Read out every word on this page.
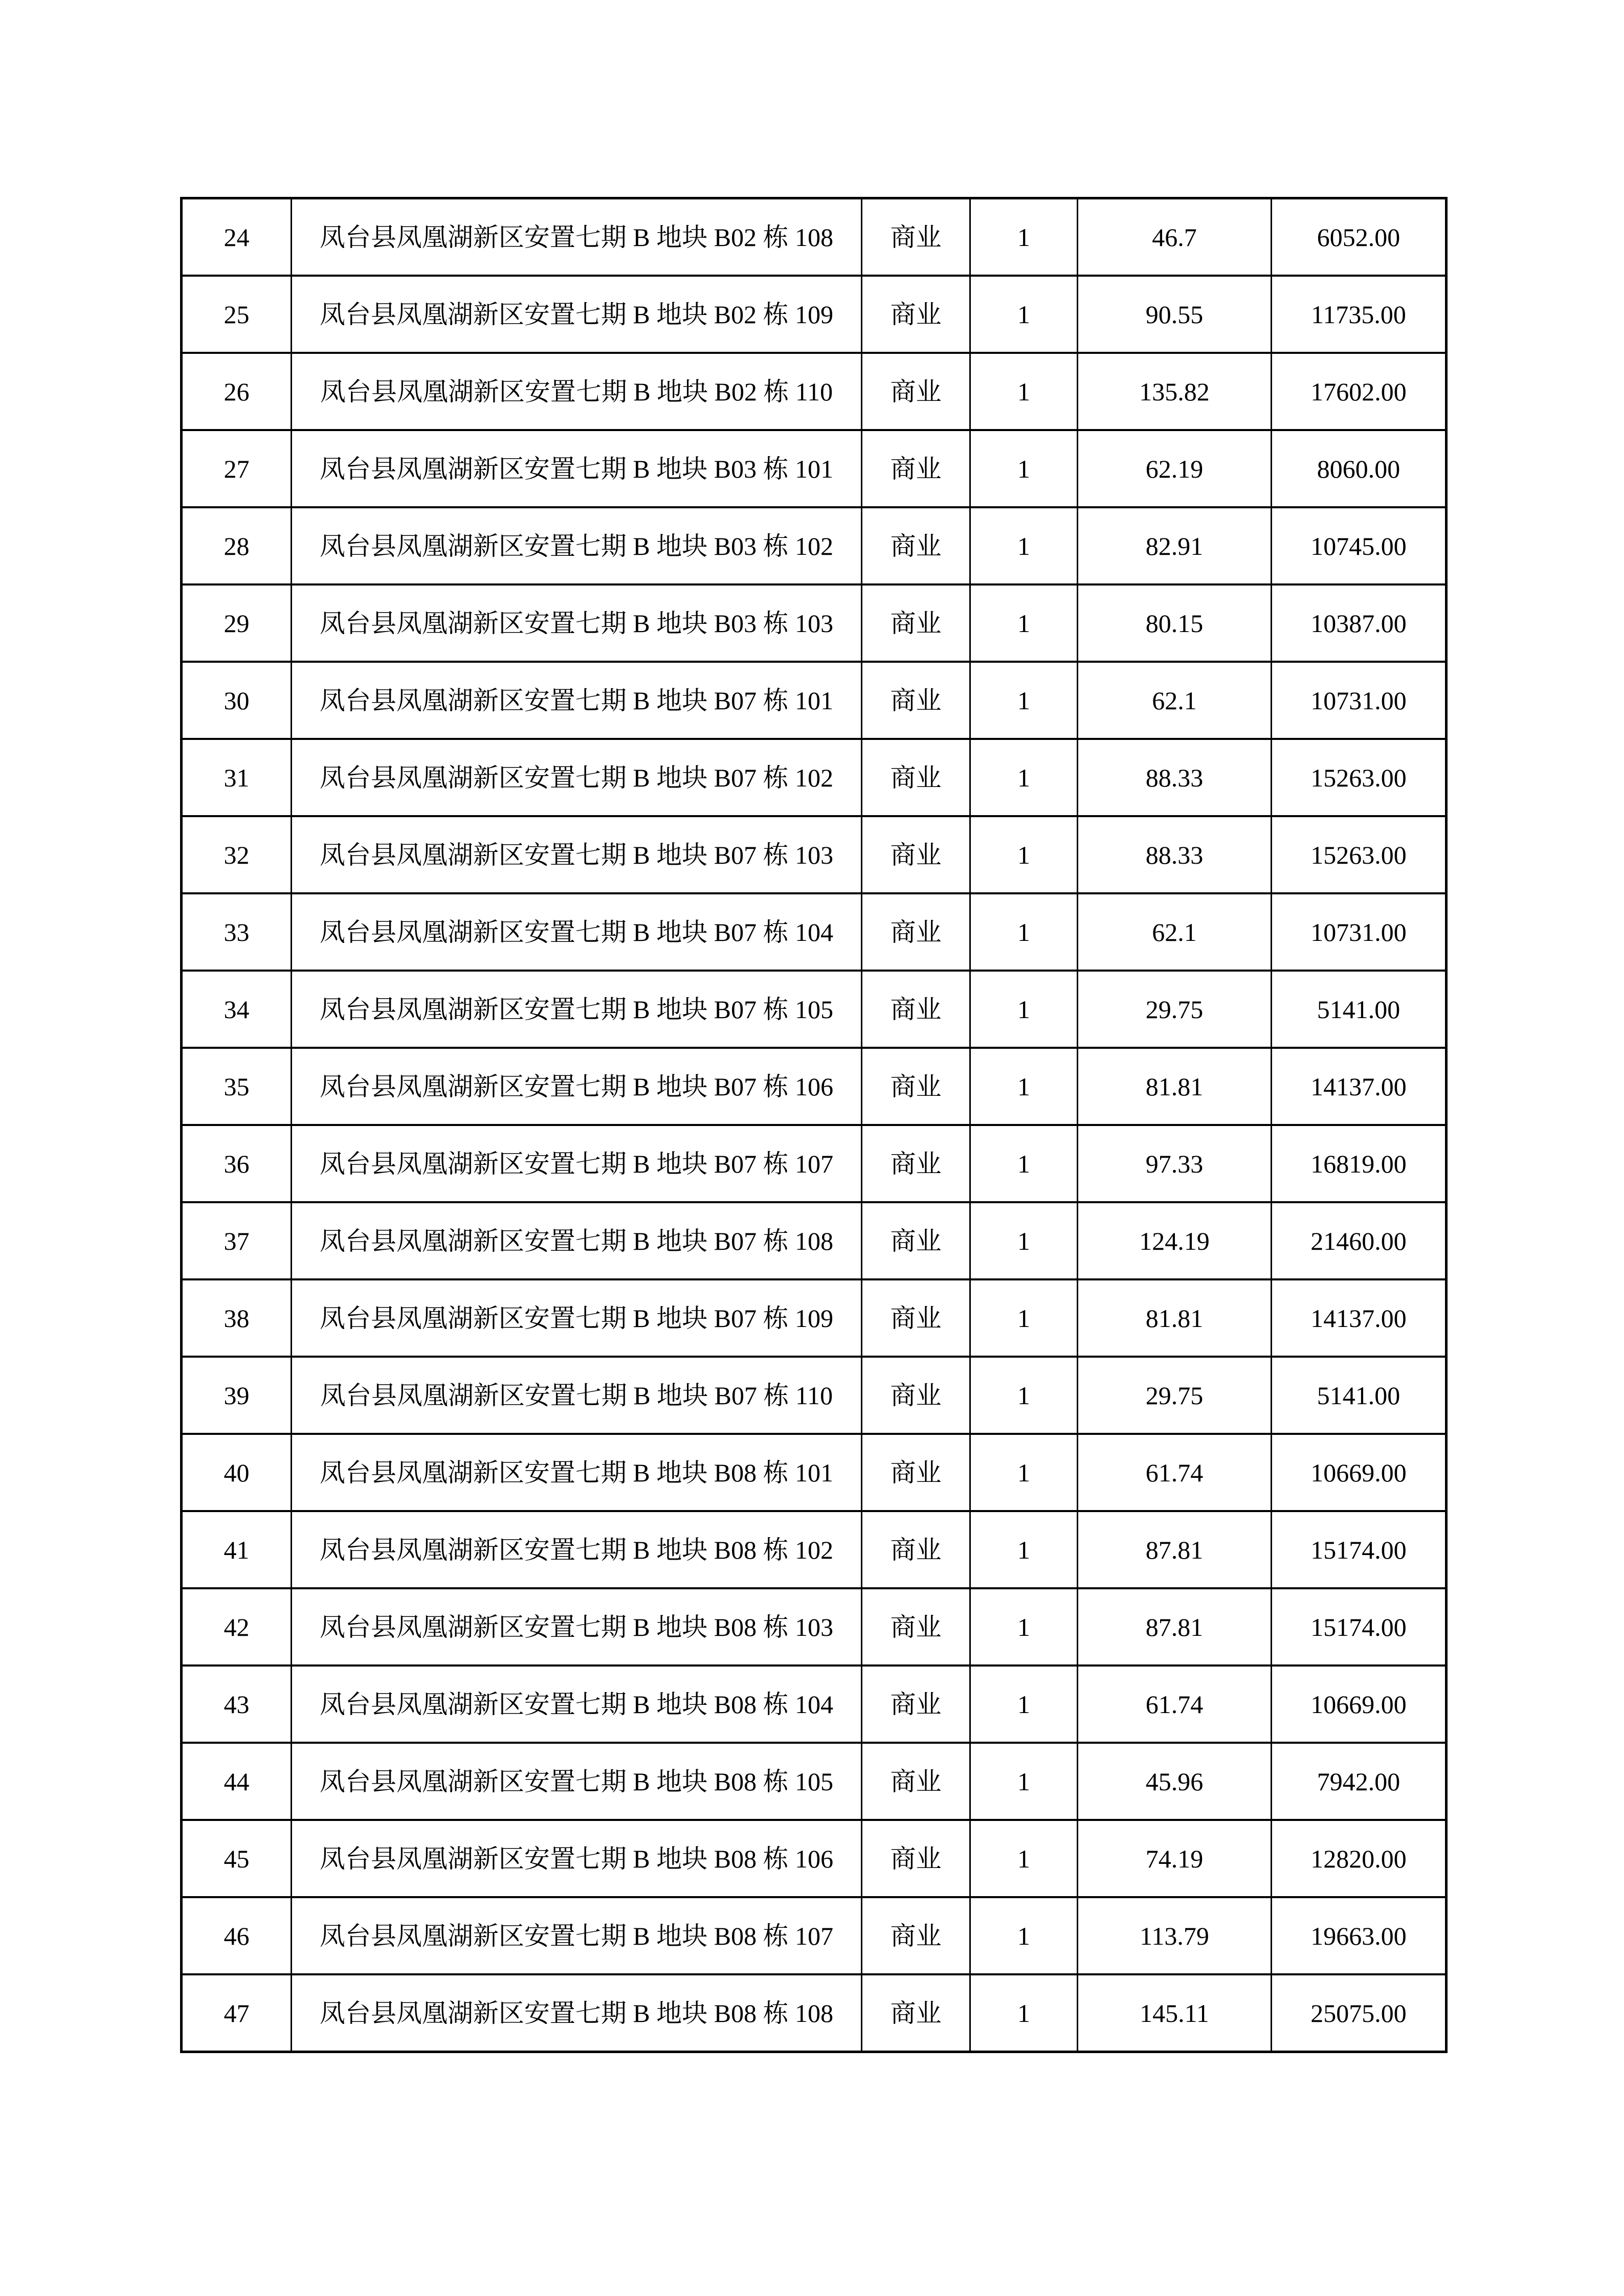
24	凤台县凤凰湖新区安置七期 B 地块 B02 栋 108	商业	1	46.7	6052.00
25	凤台县凤凰湖新区安置七期 B 地块 B02 栋 109	商业	1	90.55	11735.00
26	凤台县凤凰湖新区安置七期 B 地块 B02 栋 110	商业	1	135.82	17602.00
27	凤台县凤凰湖新区安置七期 B 地块 B03 栋 101	商业	1	62.19	8060.00
28	凤台县凤凰湖新区安置七期 B 地块 B03 栋 102	商业	1	82.91	10745.00
29	凤台县凤凰湖新区安置七期 B 地块 B03 栋 103	商业	1	80.15	10387.00
30	凤台县凤凰湖新区安置七期 B 地块 B07 栋 101	商业	1	62.1	10731.00
31	凤台县凤凰湖新区安置七期 B 地块 B07 栋 102	商业	1	88.33	15263.00
32	凤台县凤凰湖新区安置七期 B 地块 B07 栋 103	商业	1	88.33	15263.00
33	凤台县凤凰湖新区安置七期 B 地块 B07 栋 104	商业	1	62.1	10731.00
34	凤台县凤凰湖新区安置七期 B 地块 B07 栋 105	商业	1	29.75	5141.00
35	凤台县凤凰湖新区安置七期 B 地块 B07 栋 106	商业	1	81.81	14137.00
36	凤台县凤凰湖新区安置七期 B 地块 B07 栋 107	商业	1	97.33	16819.00
37	凤台县凤凰湖新区安置七期 B 地块 B07 栋 108	商业	1	124.19	21460.00
38	凤台县凤凰湖新区安置七期 B 地块 B07 栋 109	商业	1	81.81	14137.00
39	凤台县凤凰湖新区安置七期 B 地块 B07 栋 110	商业	1	29.75	5141.00
40	凤台县凤凰湖新区安置七期 B 地块 B08 栋 101	商业	1	61.74	10669.00
41	凤台县凤凰湖新区安置七期 B 地块 B08 栋 102	商业	1	87.81	15174.00
42	凤台县凤凰湖新区安置七期 B 地块 B08 栋 103	商业	1	87.81	15174.00
43	凤台县凤凰湖新区安置七期 B 地块 B08 栋 104	商业	1	61.74	10669.00
44	凤台县凤凰湖新区安置七期 B 地块 B08 栋 105	商业	1	45.96	7942.00
45	凤台县凤凰湖新区安置七期 B 地块 B08 栋 106	商业	1	74.19	12820.00
46	凤台县凤凰湖新区安置七期 B 地块 B08 栋 107	商业	1	113.79	19663.00
47	凤台县凤凰湖新区安置七期 B 地块 B08 栋 108	商业	1	145.11	25075.00
